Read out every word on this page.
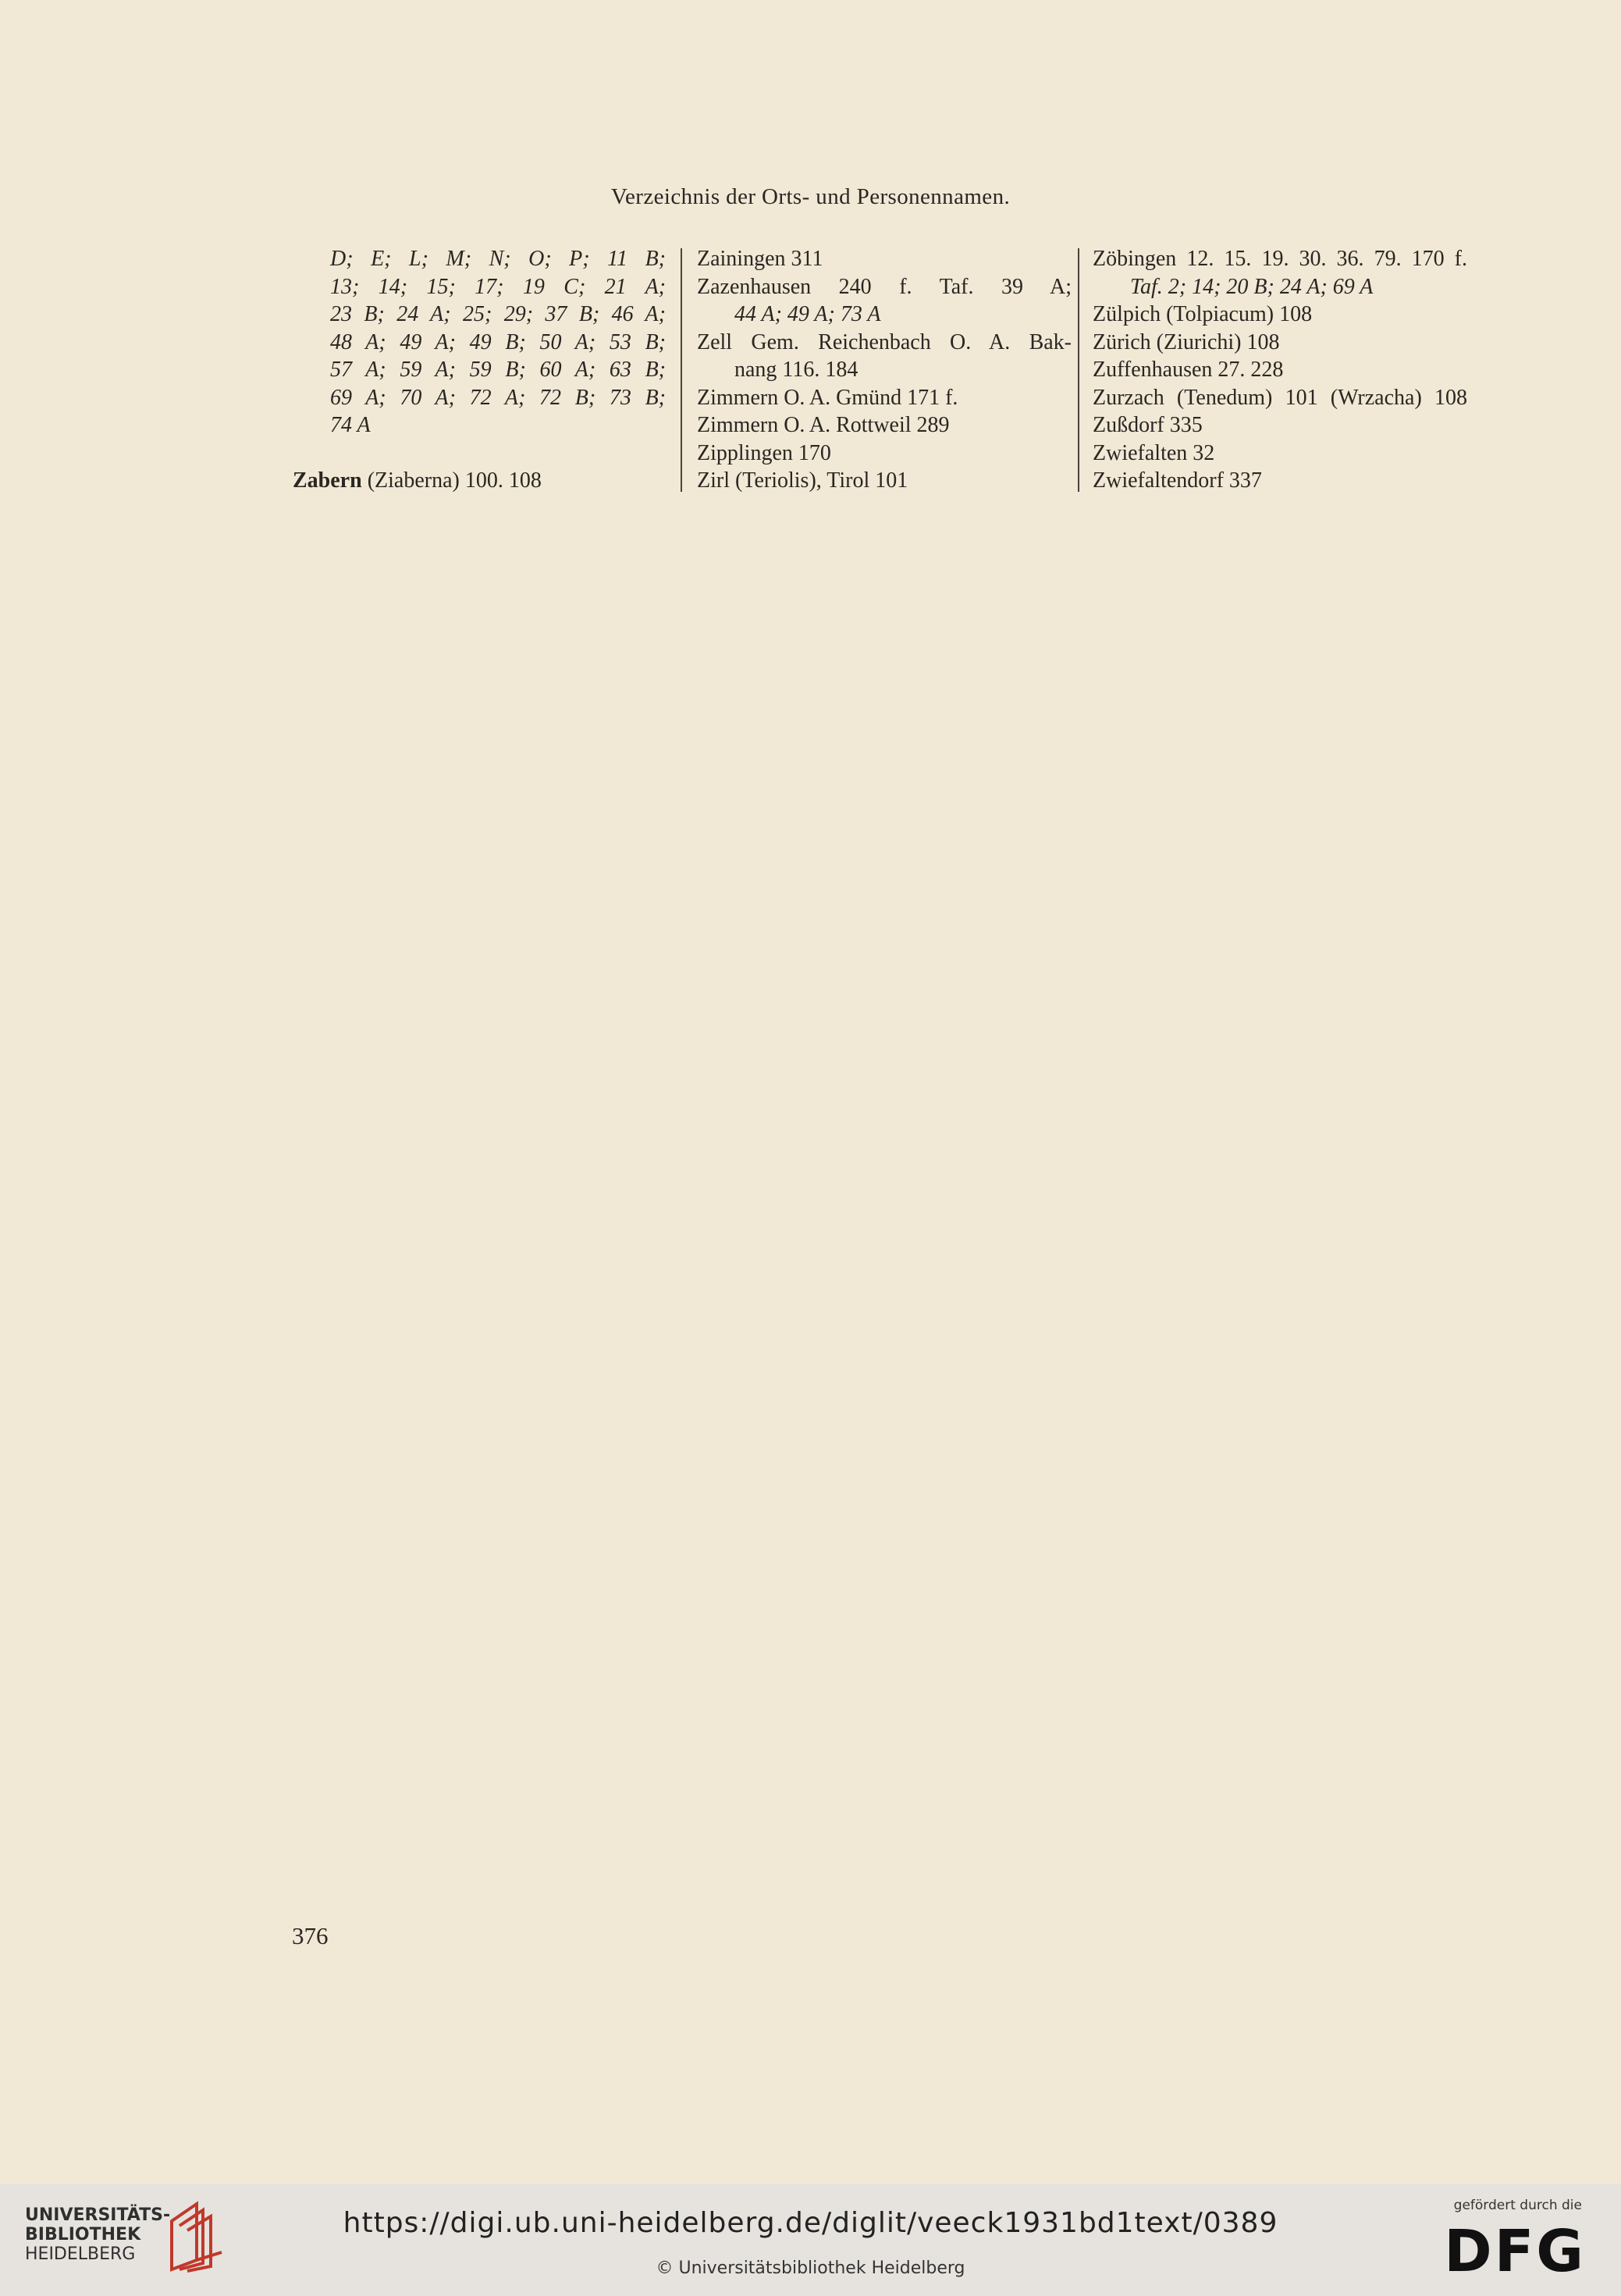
Verzeichnis der Orts- und Personennamen.
D; E; L; M; N; O; P; 11 B;
13; 14; 15; 17; 19 C; 21 A;
23 B; 24 A; 25; 29; 37 B; 46 A;
48 A; 49 A; 49 B; 50 A; 53 B;
57 A; 59 A; 59 B; 60 A; 63 B;
69 A; 70 A; 72 A; 72 B; 73 B;
74 A
Zabern (Ziaberna) 100. 108
Zainingen 311
Zazenhausen 240 f. Taf. 39 A;
44 A; 49 A; 73 A
Zell Gem. Reichenbach O. A. Bak-
nang 116. 184
Zimmern O. A. Gmünd 171 f.
Zimmern O. A. Rottweil 289
Zipplingen 170
Zirl (Teriolis), Tirol 101
Zöbingen 12. 15. 19. 30. 36. 79. 170 f.
Taf. 2; 14; 20 B; 24 A; 69 A
Zülpich (Tolpiacum) 108
Zürich (Ziurichi) 108
Zuffenhausen 27. 228
Zurzach (Tenedum) 101 (Wrzacha) 108
Zußdorf 335
Zwiefalten 32
Zwiefaltendorf 337
376
UNIVERSITÄTS-
BIBLIOTHEK
HEIDELBERG
https://digi.ub.uni-heidelberg.de/diglit/veeck1931bd1text/0389
© Universitätsbibliothek Heidelberg
gefördert durch die
DFG
